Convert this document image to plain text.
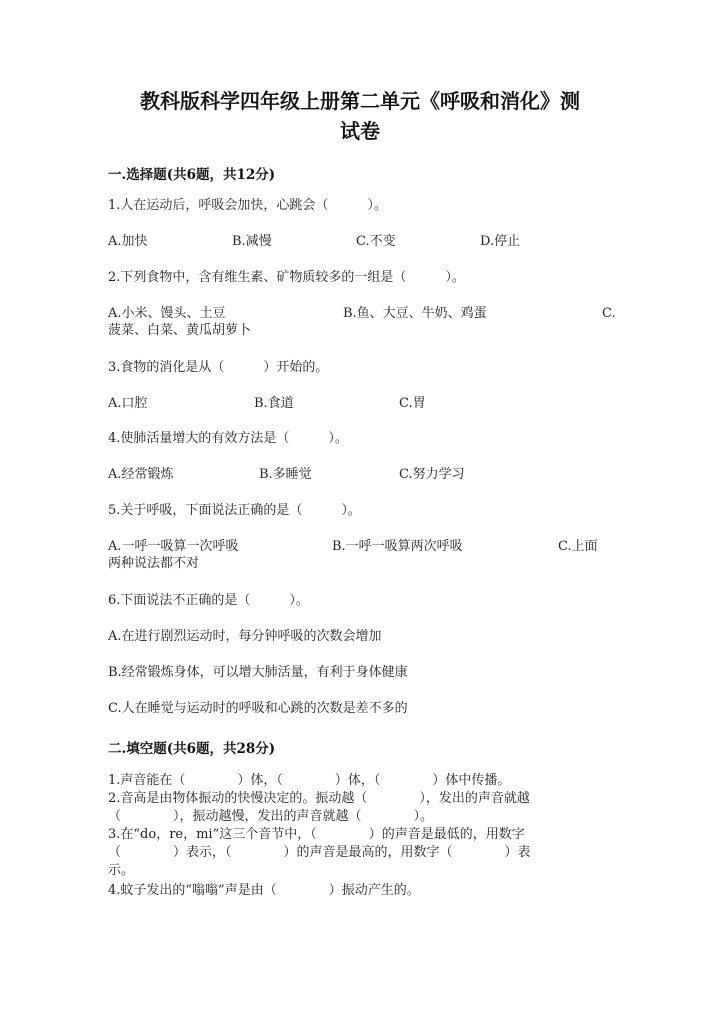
教科版科学四年级上册第二单元《呼吸和消化》测
试卷
一.选择题(共6题，共12分)
1.人在运动后，呼吸会加快，心跳会（　　　）。
A.加快	B.减慢	C.不变	D.停止
2.下列食物中，含有维生素、矿物质较多的一组是（　　　）。
A.小米、馒头、土豆	B.鱼、大豆、牛奶、鸡蛋	C.
菠菜、白菜、黄瓜胡萝卜
3.食物的消化是从（　　　）开始的。
A.口腔	B.食道	C.胃
4.使肺活量增大的有效方法是（　　　）。
A.经常锻炼	B.多睡觉	C.努力学习
5.关于呼吸，下面说法正确的是（　　　）。
A.一呼一吸算一次呼吸	B.一呼一吸算两次呼吸	C.上面
两种说法都不对
6.下面说法不正确的是（　　　）。
A.在进行剧烈运动时，每分钟呼吸的次数会增加
B.经常锻炼身体，可以增大肺活量，有利于身体健康
C.人在睡觉与运动时的呼吸和心跳的次数是差不多的
二.填空题(共6题，共28分)
1.声音能在（　　　　）体，（　　　　）体，（　　　　）体中传播。
2.音高是由物体振动的快慢决定的。振动越（　　　　），发出的声音就越
（　　　　），振动越慢，发出的声音就越（　　　　）。
3.在“do，re，mi”这三个音节中，（　　　　）的声音是最低的，用数字
（　　　　）表示，（　　　　）的声音是最高的，用数字（　　　　）表
示。
4.蚊子发出的“嗡嗡”声是由（　　　　）振动产生的。
